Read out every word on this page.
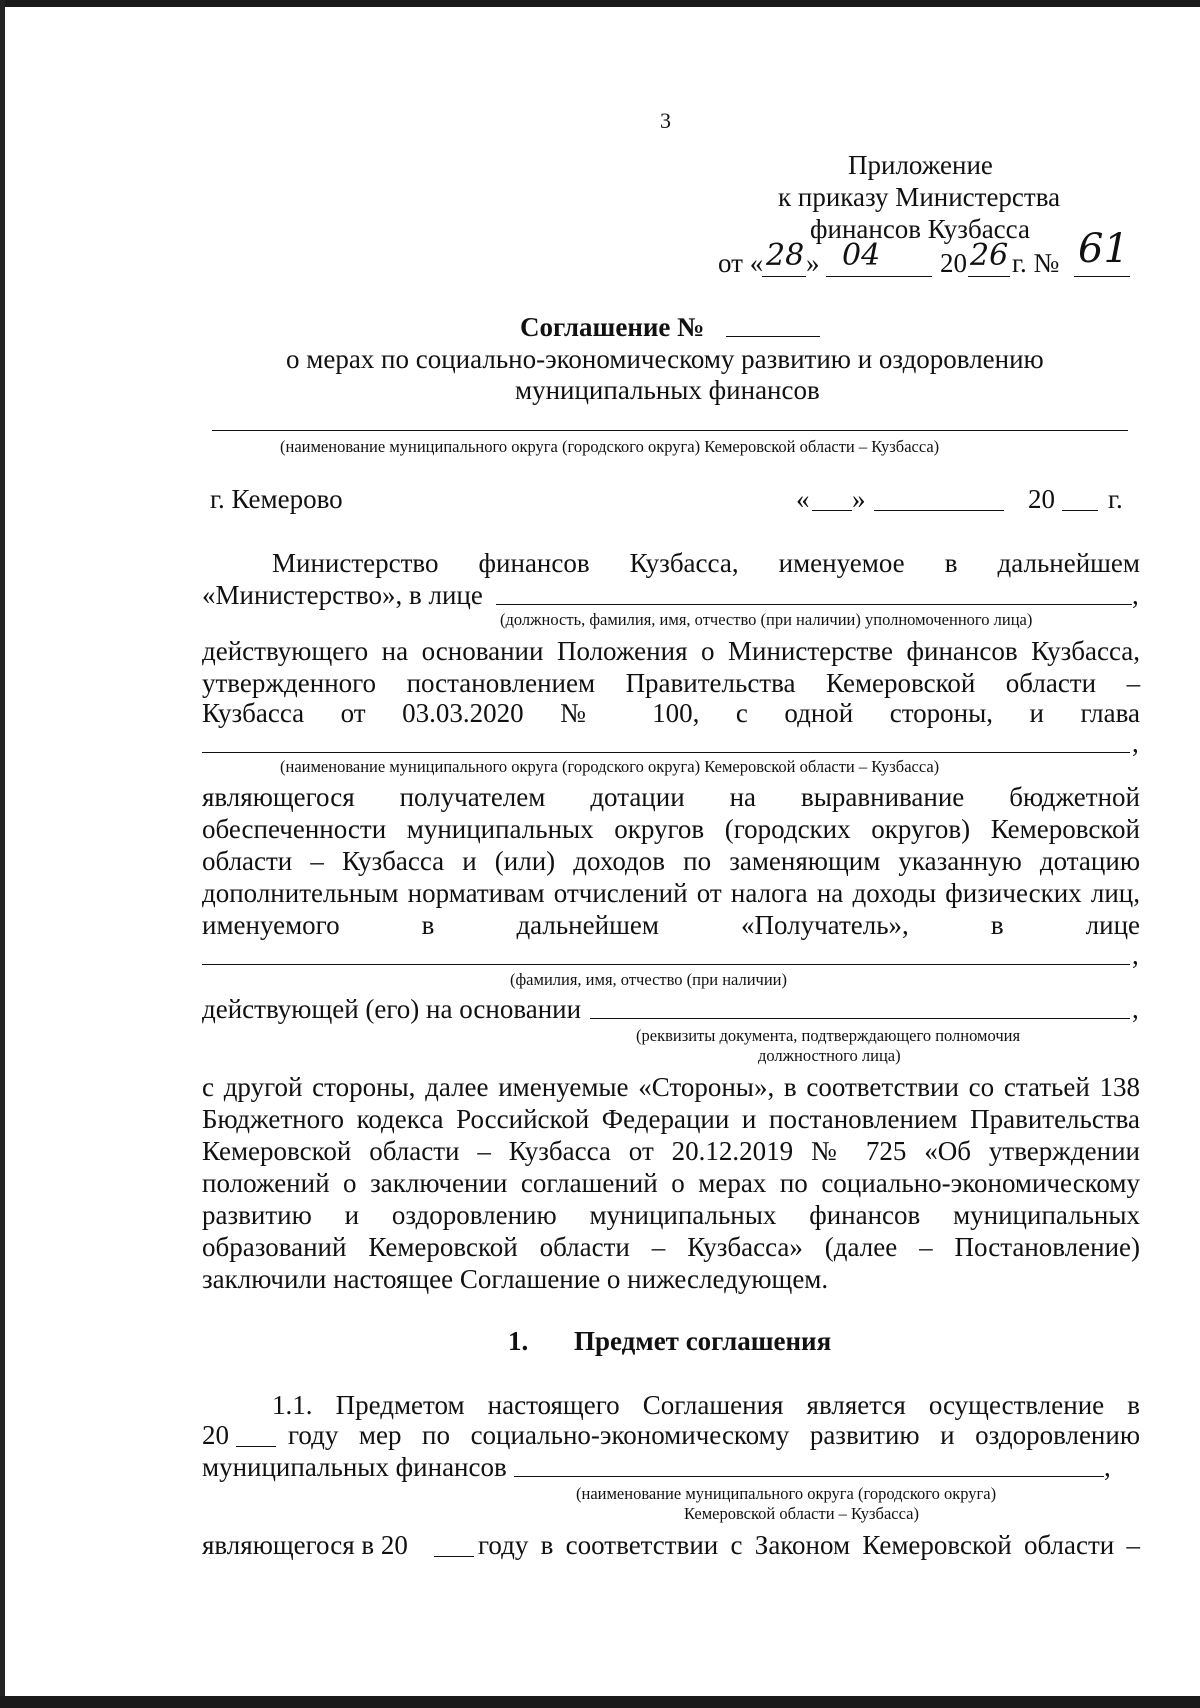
3
Приложение
к приказу Министерства
финансов Кузбасса
от « 28 » 04 20 26 г. № 61
Соглашение №
о мерах по социально-экономическому развитию и оздоровлению
муниципальных финансов
(наименование муниципального округа (городского округа) Кемеровской области – Кузбасса)
г. Кемерово	« »	20 г.
Министерство финансов Кузбасса, именуемое в дальнейшем
«Министерство», в лице	,
(должность, фамилия, имя, отчество (при наличии) уполномоченного лица)
действующего на основании Положения о Министерстве финансов Кузбасса,
утвержденного постановлением Правительства Кемеровской области –
Кузбасса от 03.03.2020 № 100, с одной стороны, и глава
,
(наименование муниципального округа (городского округа) Кемеровской области – Кузбасса)
являющегося получателем дотации на выравнивание бюджетной
обеспеченности муниципальных округов (городских округов) Кемеровской
области – Кузбасса и (или) доходов по заменяющим указанную дотацию
дополнительным нормативам отчислений от налога на доходы физических лиц,
именуемого	в	дальнейшем	«Получатель»,	в	лице
,
(фамилия, имя, отчество (при наличии)
действующей (его) на основании	,
(реквизиты документа, подтверждающего полномочия
должностного лица)
с другой стороны, далее именуемые «Стороны», в соответствии со статьей 138
Бюджетного кодекса Российской Федерации и постановлением Правительства
Кемеровской области – Кузбасса от 20.12.2019 № 725 «Об утверждении
положений о заключении соглашений о мерах по социально-экономическому
развитию и оздоровлению муниципальных финансов муниципальных
образований Кемеровской области – Кузбасса» (далее – Постановление)
заключили настоящее Соглашение о нижеследующем.
1. Предмет соглашения
1.1. Предметом настоящего Соглашения является осуществление в
20 году мер по социально-экономическому развитию и оздоровлению
муниципальных финансов	,
(наименование муниципального округа (городского округа)
Кемеровской области – Кузбасса)
являющегося в 20	году в соответствии с Законом Кемеровской области –
